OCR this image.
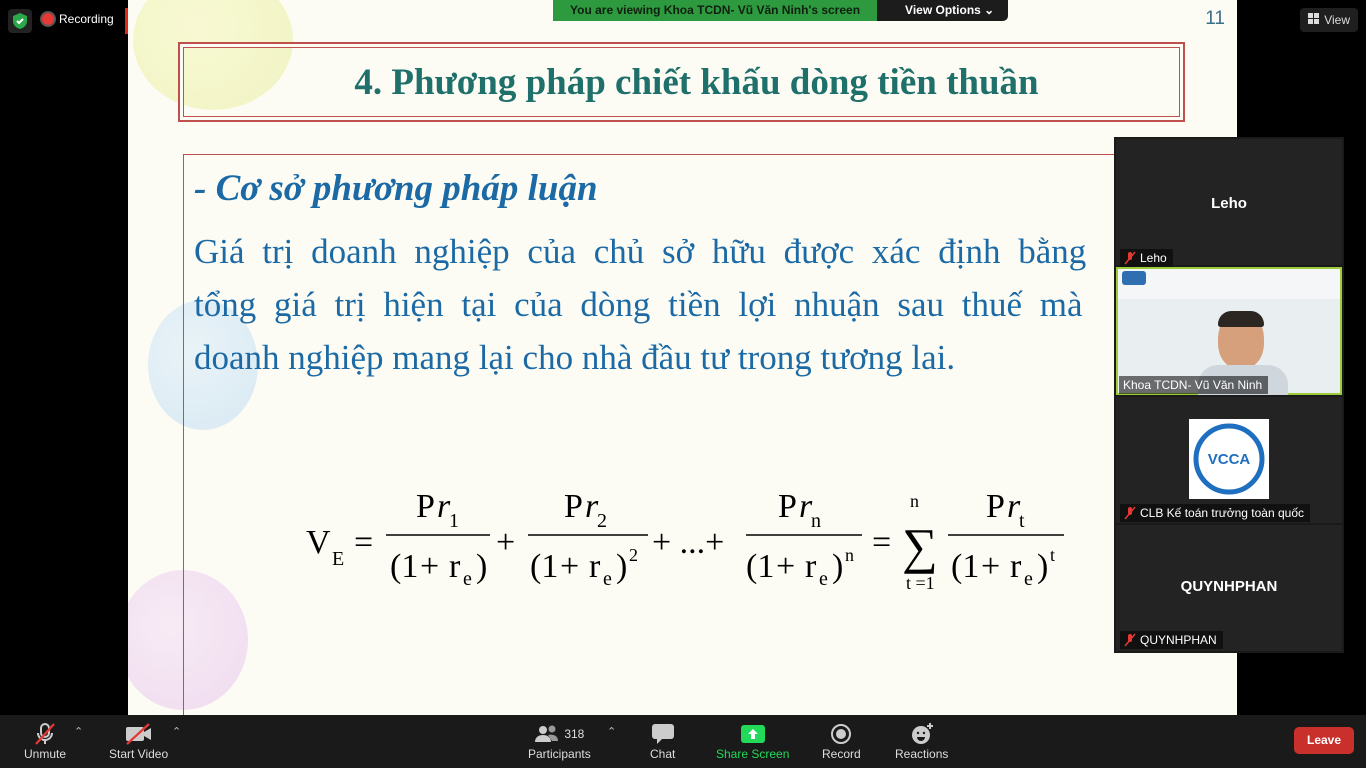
Recording	11
4. Phương pháp chiết khấu dòng tiền thuần
- Cơ sở phương pháp luận
Giá trị doanh nghiệp của chủ sở hữu được xác định bằng
tổng giá trị hiện tại của dòng tiền lợi nhuận sau thuế mà
doanh nghiệp mang lại cho nhà đầu tư trong tương lai.
V E =
P r
1
(1 + r e )
+
P r
2
(1 + r e ) 2 + ...+
P r
n
(1 + r e ) n =
n
∑
t =1
P r
t
(1 + r e ) t
You are viewing Khoa TCDN- Vũ Văn Ninh's screen	View Options ⌄
View
Leho
Leho
Khoa TCDN- Vũ Văn Ninh
VCCA
CLB Kế toán trưởng toàn quốc
QUYNHPHAN
QUYNHPHAN
Unmute
⌃
Start Video
⌃	318
Participants
⌃
Chat	Share Screen	Record	Reactions
Leave
